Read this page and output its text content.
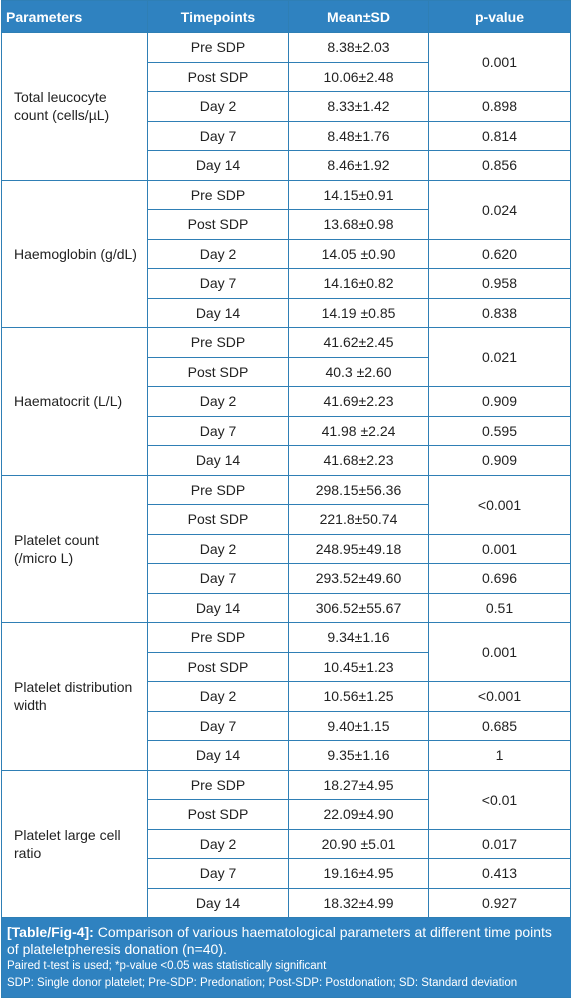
Parameters	Timepoints	Mean±SD	p-value
Total leucocyte count (cells/µL)	Pre SDP	8.38±2.03	0.001
	Post SDP	10.06±2.48	
	Day 2	8.33±1.42	0.898
	Day 7	8.48±1.76	0.814
	Day 14	8.46±1.92	0.856
Haemoglobin (g/dL)	Pre SDP	14.15±0.91	0.024
	Post SDP	13.68±0.98	
	Day 2	14.05 ±0.90	0.620
	Day 7	14.16±0.82	0.958
	Day 14	14.19 ±0.85	0.838
Haematocrit (L/L)	Pre SDP	41.62±2.45	0.021
	Post SDP	40.3 ±2.60	
	Day 2	41.69±2.23	0.909
	Day 7	41.98 ±2.24	0.595
	Day 14	41.68±2.23	0.909
Platelet count (/micro L)	Pre SDP	298.15±56.36	<0.001
	Post SDP	221.8±50.74	
	Day 2	248.95±49.18	0.001
	Day 7	293.52±49.60	0.696
	Day 14	306.52±55.67	0.51
Platelet distribution width	Pre SDP	9.34±1.16	0.001
	Post SDP	10.45±1.23	
	Day 2	10.56±1.25	<0.001
	Day 7	9.40±1.15	0.685
	Day 14	9.35±1.16	1
Platelet large cell ratio	Pre SDP	18.27±4.95	<0.01
	Post SDP	22.09±4.90	
	Day 2	20.90 ±5.01	0.017
	Day 7	19.16±4.95	0.413
	Day 14	18.32±4.99	0.927
[Table/Fig-4]: Comparison of various haematological parameters at different time points of plateletpheresis donation (n=40).
Paired t-test is used; *p-value <0.05 was statistically significant
SDP: Single donor platelet; Pre-SDP: Predonation; Post-SDP: Postdonation; SD: Standard deviation
